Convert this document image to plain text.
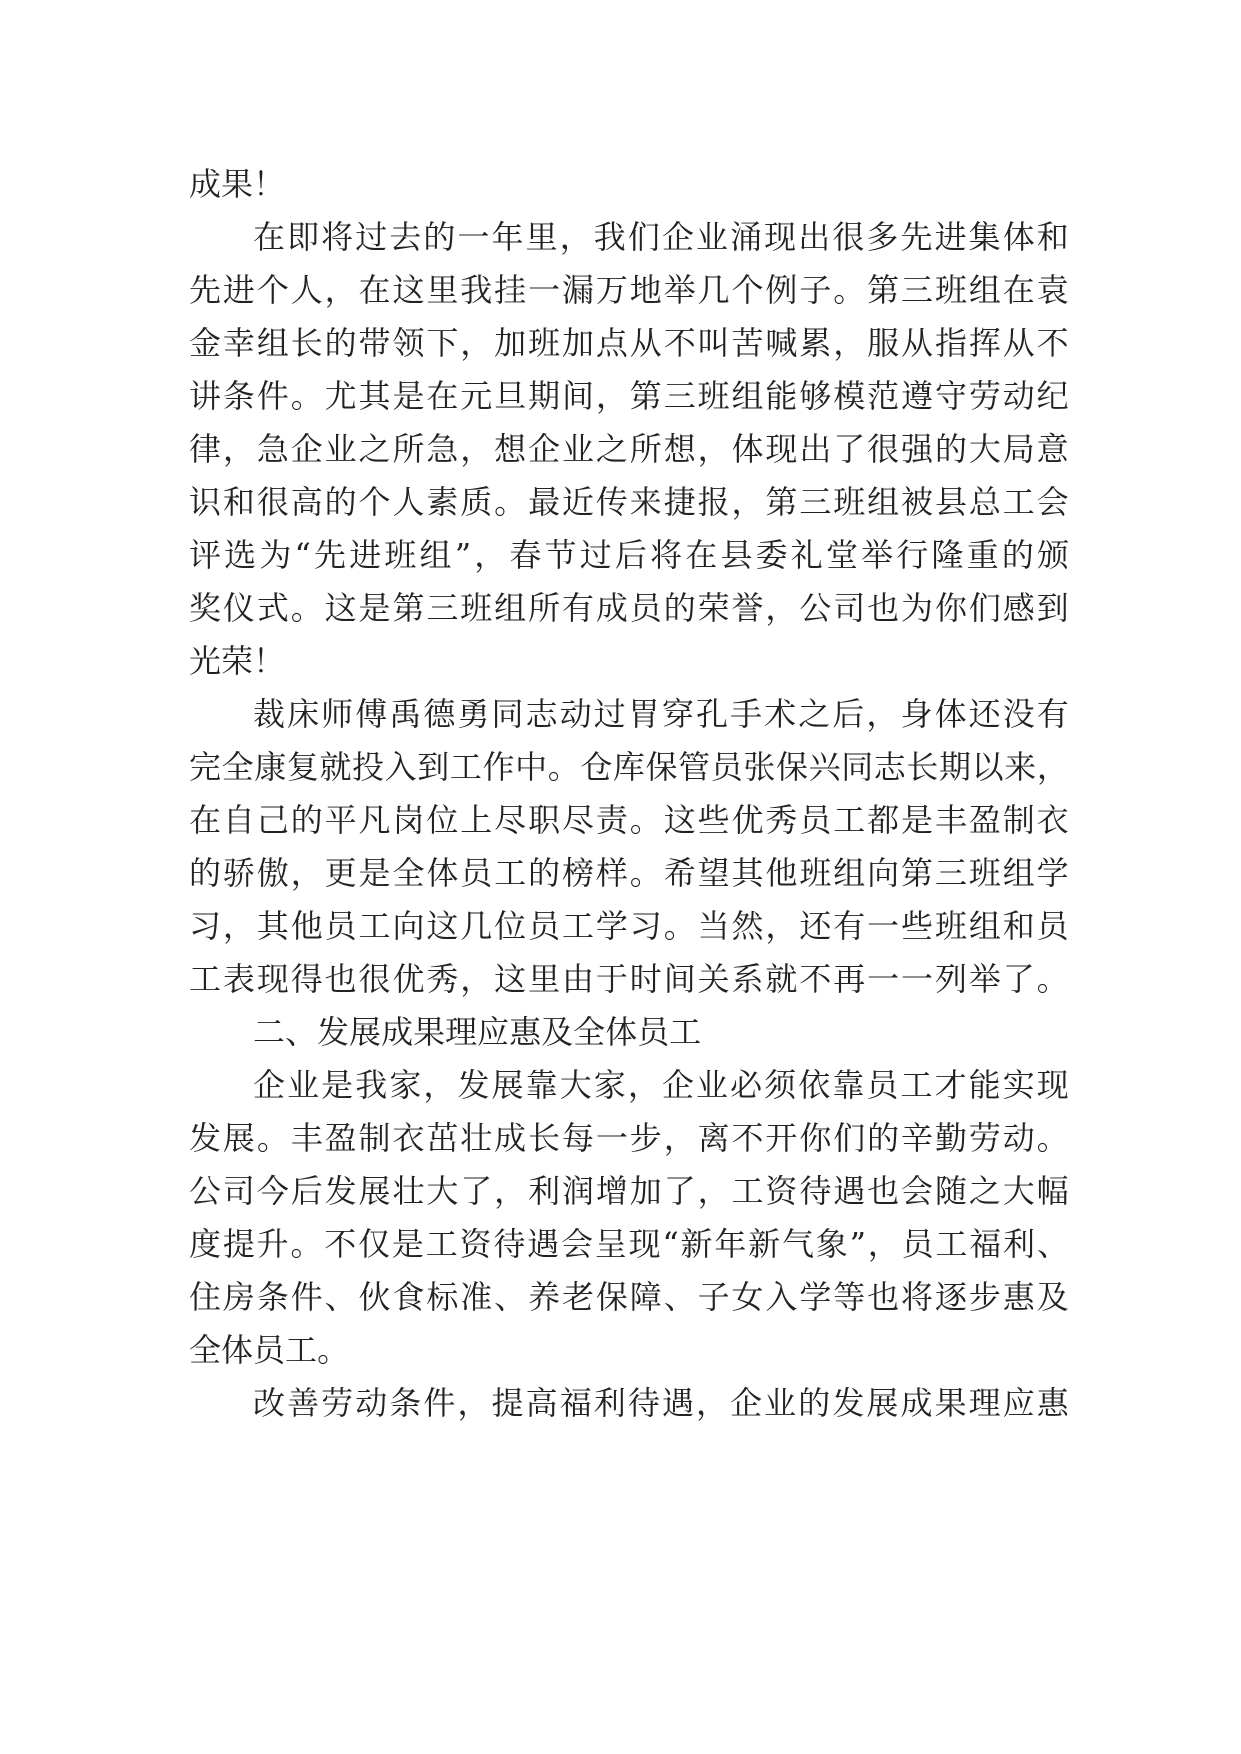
成 果 ！
在 即 将 过 去 的 一 年 里 ， 我 们 企 业 涌 现 出 很 多 先 进 集 体 和
先 进 个 人 ， 在 这 里 我 挂 一 漏 万 地 举 几 个 例 子 。 第 三 班 组 在 袁
金 幸 组 长 的 带 领 下 ， 加 班 加 点 从 不 叫 苦 喊 累 ， 服 从 指 挥 从 不
讲 条 件 。 尤 其 是 在 元 旦 期 间 ， 第 三 班 组 能 够 模 范 遵 守 劳 动 纪
律 ， 急 企 业 之 所 急 ， 想 企 业 之 所 想 ， 体 现 出 了 很 强 的 大 局 意
识 和 很 高 的 个 人 素 质 。 最 近 传 来 捷 报 ， 第 三 班 组 被 县 总 工 会
评 选 为 “ 先 进 班 组 ” ， 春 节 过 后 将 在 县 委 礼 堂 举 行 隆 重 的 颁
奖 仪 式 。 这 是 第 三 班 组 所 有 成 员 的 荣 誉 ， 公 司 也 为 你 们 感 到
光 荣 ！
裁 床 师 傅 禹 德 勇 同 志 动 过 胃 穿 孔 手 术 之 后 ， 身 体 还 没 有
完 全 康 复 就 投 入 到 工 作 中 。 仓 库 保 管 员 张 保 兴 同 志 长 期 以 来 ，
在 自 己 的 平 凡 岗 位 上 尽 职 尽 责 。 这 些 优 秀 员 工 都 是 丰 盈 制 衣
的 骄 傲 ， 更 是 全 体 员 工 的 榜 样 。 希 望 其 他 班 组 向 第 三 班 组 学
习 ， 其 他 员 工 向 这 几 位 员 工 学 习 。 当 然 ， 还 有 一 些 班 组 和 员
工 表 现 得 也 很 优 秀 ， 这 里 由 于 时 间 关 系 就 不 再 一 一 列 举 了 。
二 、 发 展 成 果 理 应 惠 及 全 体 员 工
企 业 是 我 家 ， 发 展 靠 大 家 ， 企 业 必 须 依 靠 员 工 才 能 实 现
发 展 。 丰 盈 制 衣 茁 壮 成 长 每 一 步 ， 离 不 开 你 们 的 辛 勤 劳 动 。
公 司 今 后 发 展 壮 大 了 ， 利 润 增 加 了 ， 工 资 待 遇 也 会 随 之 大 幅
度 提 升 。 不 仅 是 工 资 待 遇 会 呈 现 “ 新 年 新 气 象 ” ， 员 工 福 利 、
住 房 条 件 、 伙 食 标 准 、 养 老 保 障 、 子 女 入 学 等 也 将 逐 步 惠 及
全 体 员 工 。
改 善 劳 动 条 件 ， 提 高 福 利 待 遇 ， 企 业 的 发 展 成 果 理 应 惠
